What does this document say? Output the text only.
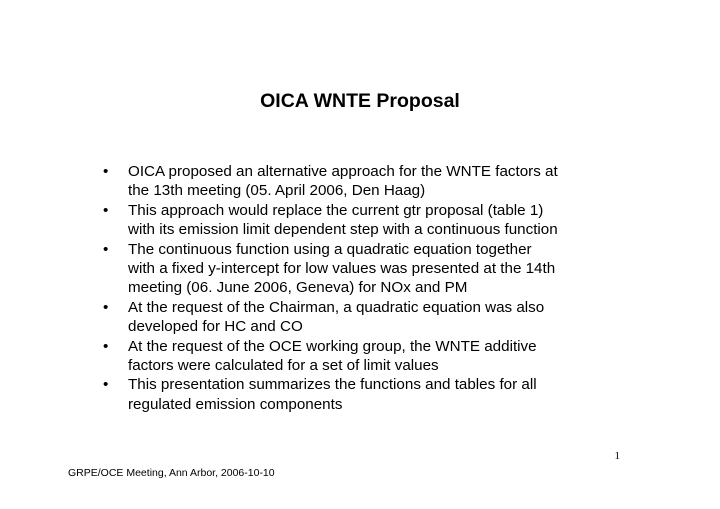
OICA WNTE Proposal
•	OICA proposed an alternative approach for the WNTE factors at
the 13th meeting (05. April 2006, Den Haag)
•	This approach would replace the current gtr proposal (table 1)
with its emission limit dependent step with a continuous function
•	The continuous function using a quadratic equation together
with a fixed y-intercept for low values was presented at the 14th
meeting (06. June 2006, Geneva) for NOx and PM
•	At the request of the Chairman, a quadratic equation was also
developed for HC and CO
•	At the request of the OCE working group, the WNTE additive
factors were calculated for a set of limit values
•	This presentation summarizes the functions and tables for all
regulated emission components
1
GRPE/OCE Meeting, Ann Arbor, 2006-10-10
